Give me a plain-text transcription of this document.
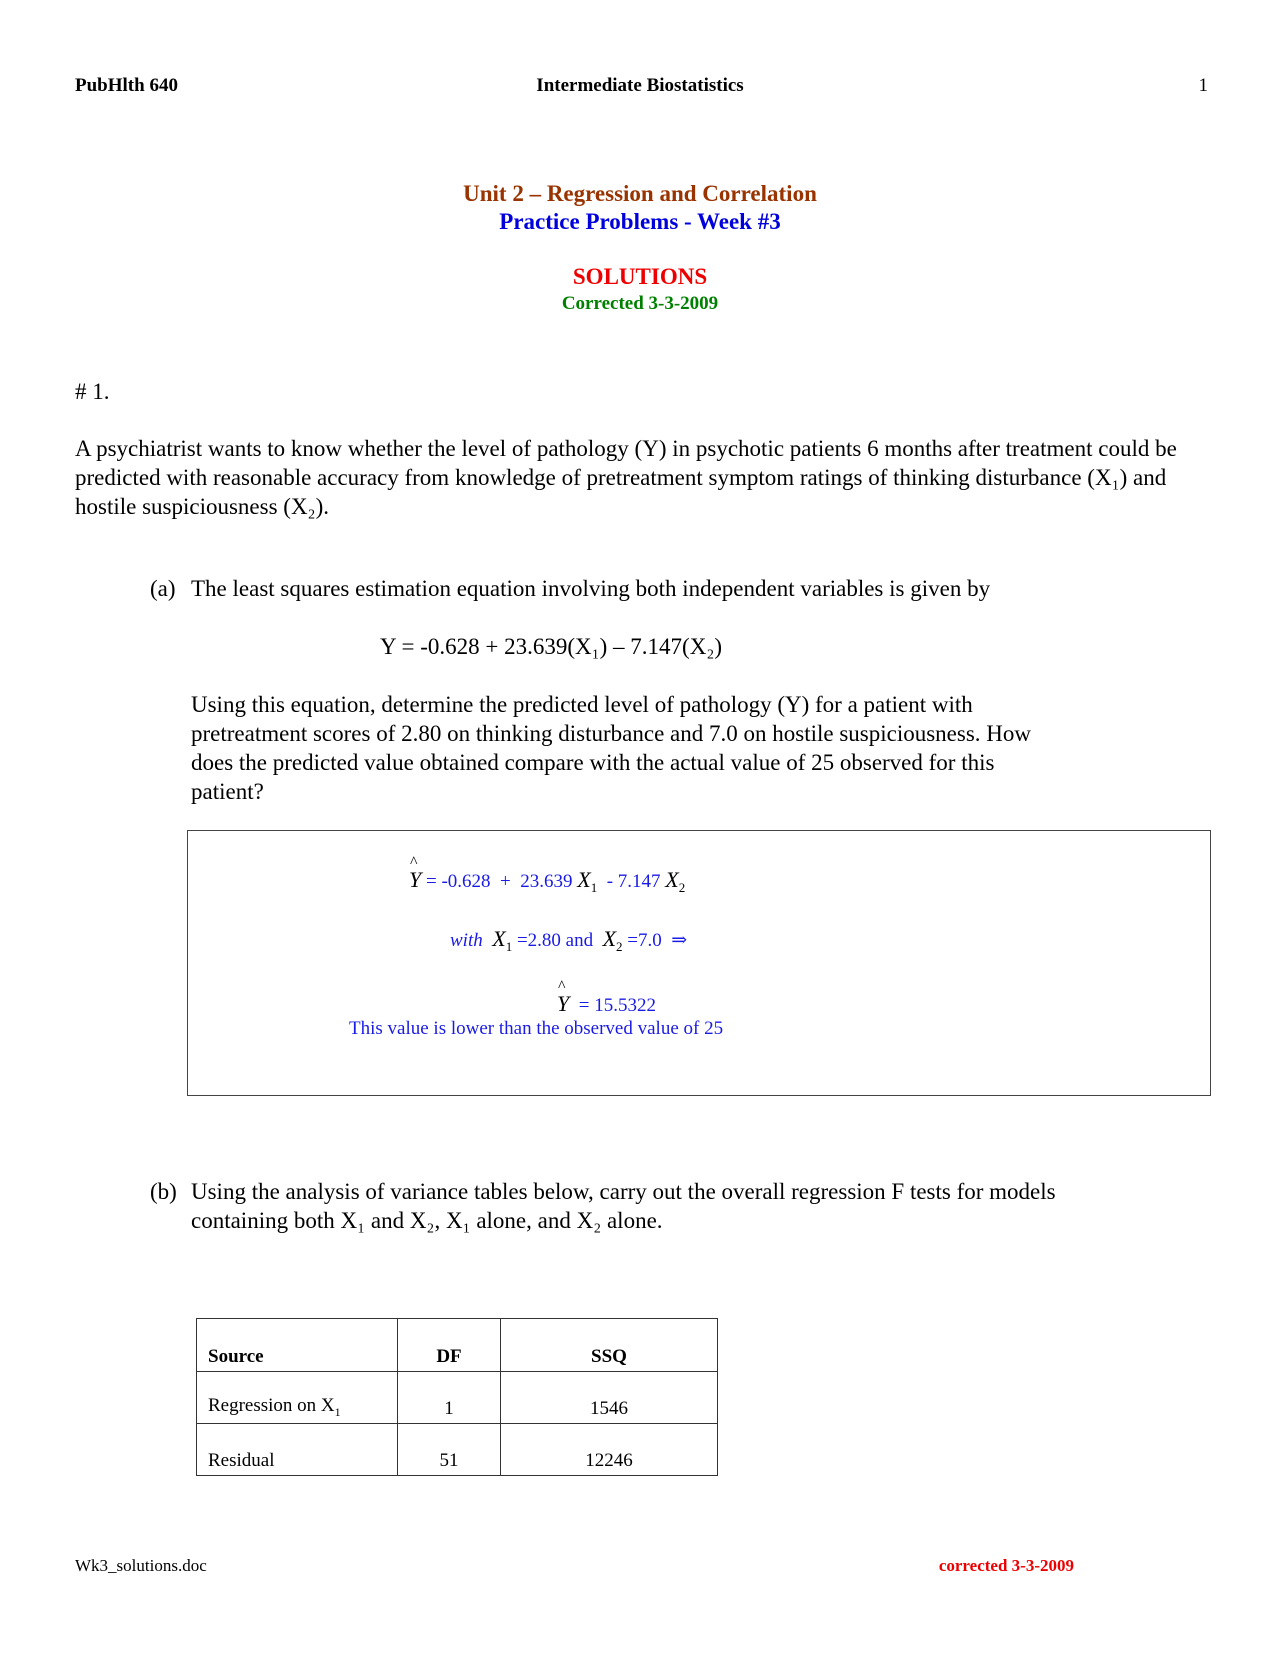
PubHlth 640	Intermediate Biostatistics	1
Unit 2 – Regression and Correlation
Practice Problems - Week #3
SOLUTIONS
Corrected 3-3-2009
# 1.
A psychiatrist wants to know whether the level of pathology (Y) in psychotic patients 6 months after treatment could be predicted with reasonable accuracy from knowledge of pretreatment symptom ratings of thinking disturbance (X₁) and hostile suspiciousness (X₂).
(a) The least squares estimation equation involving both independent variables is given by
Y = -0.628 + 23.639(X₁) – 7.147(X₂)
Using this equation, determine the predicted level of pathology (Y) for a patient with pretreatment scores of 2.80 on thinking disturbance and 7.0 on hostile suspiciousness. How does the predicted value obtained compare with the actual value of 25 observed for this patient?

^ Y = -0.628  +  23.639 $X_1 - 7.147$ $X_2$

with $X_1 =2.80$ and  $X_2 =7.0$  ⇒

^ Y  = 15.5322

This value is lower than the observed value of 25
(b) Using the analysis of variance tables below, carry out the overall regression F tests for models containing both X₁ and X₂, X₁ alone, and X₂ alone.
Source	DF	SSQ
Regression on $X_1$	1	1546
Residual	51	12246
Wk3_solutions.doc	corrected 3-3-2009
